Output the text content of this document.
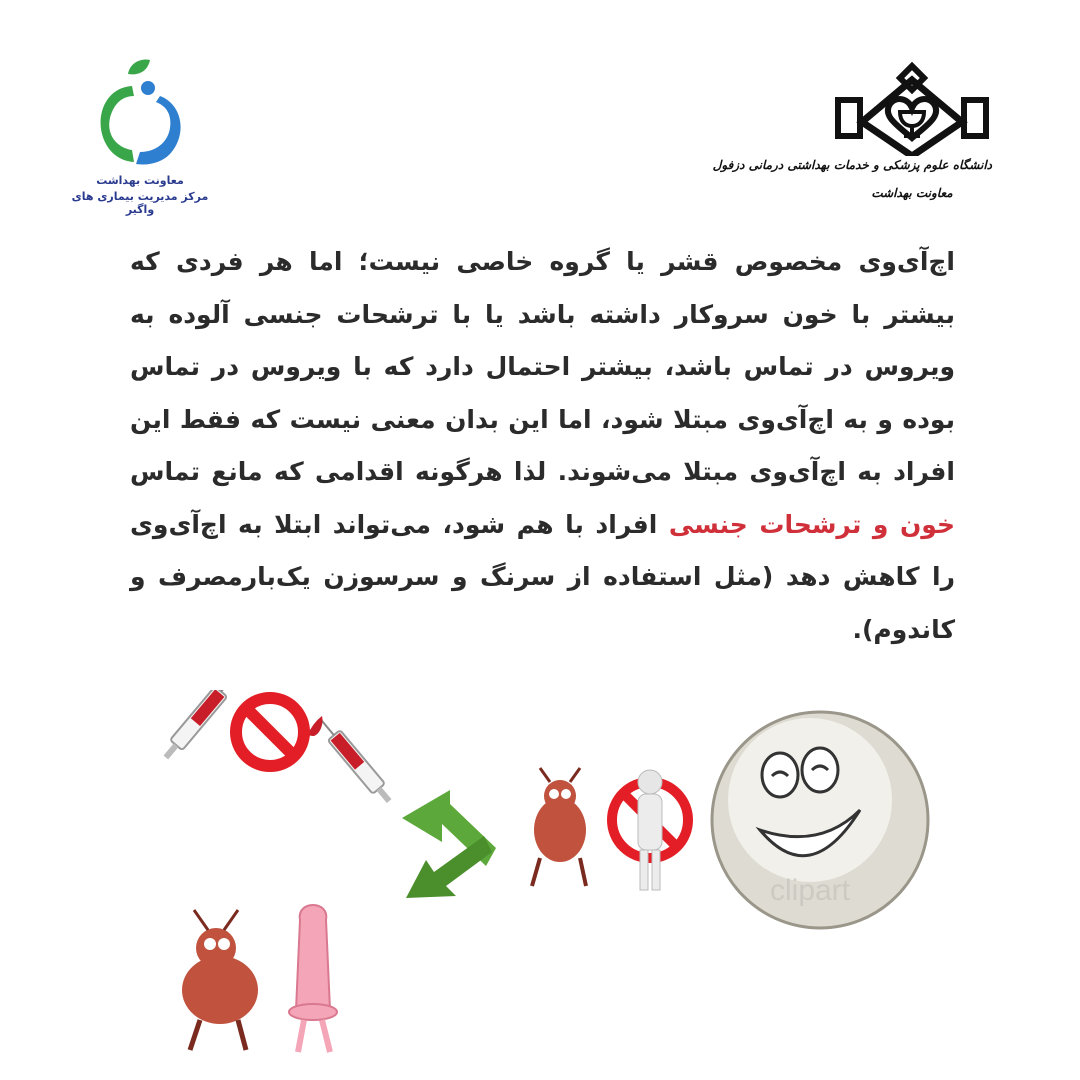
معاونت بهداشت
مرکز مدیریت بیماری های واگیر
دانشگاه علوم پزشکی و خدمات بهداشتی درمانی دزفول
معاونت بهداشت
اچ‌آی‌وی مخصوص قشر یا گروه خاصی نیست؛ اما هر فردی که بیشتر با خون سروکار داشته باشد یا با ترشحات جنسی آلوده به ویروس در تماس باشد، بیشتر احتمال دارد که با ویروس در تماس بوده و به اچ‌آی‌وی مبتلا شود، اما این بدان معنی نیست که فقط این افراد به اچ‌آی‌وی مبتلا می‌شوند. لذا هرگونه اقدامی که مانع تماس خون و ترشحات جنسی افراد با هم شود، می‌تواند ابتلا به اچ‌آی‌وی را کاهش دهد (مثل استفاده از سرنگ و سرسوزن یک‌بارمصرف و کاندوم).
clipart
